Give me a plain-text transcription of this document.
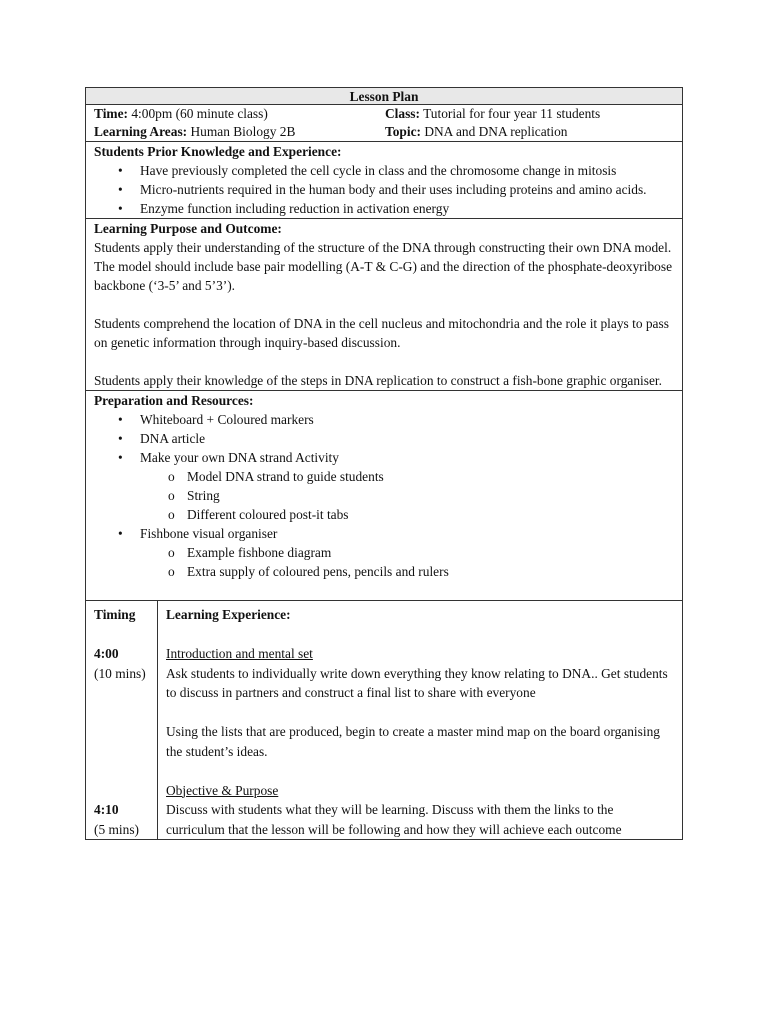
Lesson Plan
Time: 4:00pm (60 minute class)	Class: Tutorial for four year 11 students
Learning Areas: Human Biology 2B	Topic: DNA and DNA replication
Students Prior Knowledge and Experience:
• Have previously completed the cell cycle in class and the chromosome change in mitosis
• Micro-nutrients required in the human body and their uses including proteins and amino acids.
• Enzyme function including reduction in activation energy
Learning Purpose and Outcome:

Students apply their understanding of the structure of the DNA through constructing their own DNA model. The model should include base pair modelling (A-T & C-G) and the direction of the phosphate-deoxyribose backbone (‘3-5’ and 5’3’).

Students comprehend the location of DNA in the cell nucleus and mitochondria and the role it plays to pass on genetic information through inquiry-based discussion.

Students apply their knowledge of the steps in DNA replication to construct a fish-bone graphic organiser.

Preparation and Resources:
• Whiteboard + Coloured markers
• DNA article
• Make your own DNA strand Activity
o Model DNA strand to guide students
o String
o Different coloured post-it tabs
• Fishbone visual organiser
o Example fishbone diagram
o Extra supply of coloured pens, pencils and rulers
Timing
4:00
(10 mins)
4:10
(5 mins)
Learning Experience:
Introduction and mental set

Ask students to individually write down everything they know relating to DNA.. Get students to discuss in partners and construct a final list to share with everyone

Using the lists that are produced, begin to create a master mind map on the board organising the student’s ideas.

Objective & Purpose

Discuss with students what they will be learning. Discuss with them the links to the curriculum that the lesson will be following and how they will achieve each outcome
